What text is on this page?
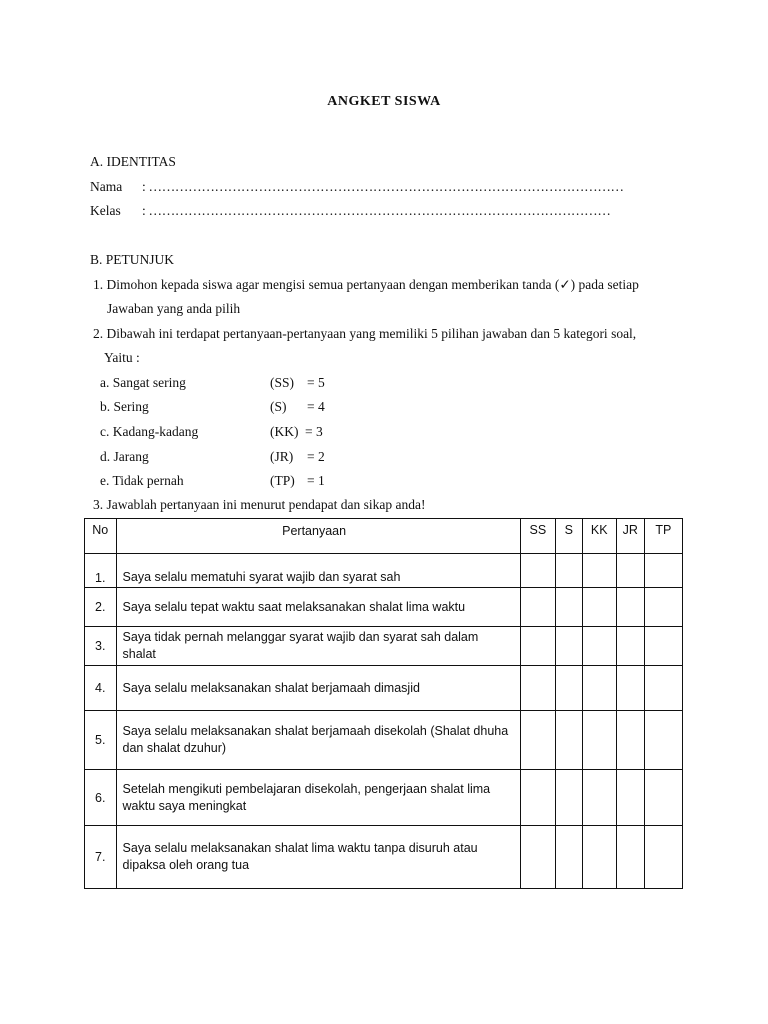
ANGKET SISWA
A. IDENTITAS
Nama : ………………………………………………………………………………………………
Kelas : ……………………………………………………………………………………………
B. PETUNJUK
1. Dimohon kepada siswa agar mengisi semua pertanyaan dengan memberikan tanda (✓) pada setiap
Jawaban yang anda pilih
2. Dibawah ini terdapat pertanyaan-pertanyaan yang memiliki 5 pilihan jawaban dan 5 kategori soal,
Yaitu :
a. Sangat sering	(SS) = 5
b. Sering	(S) = 4
c. Kadang-kadang	(KK) = 3
d. Jarang	(JR) = 2
e. Tidak pernah	(TP) = 1
3. Jawablah pertanyaan ini menurut pendapat dan sikap anda!
No	Pertanyaan	SS	S	KK	JR	TP
1.	Saya selalu mematuhi syarat wajib dan syarat sah					
2.	Saya selalu tepat waktu saat melaksanakan shalat lima waktu					
3.	Saya tidak pernah melanggar syarat wajib dan syarat sah dalam shalat					
4.	Saya selalu melaksanakan shalat berjamaah dimasjid					
5.	Saya selalu melaksanakan shalat berjamaah disekolah (Shalat dhuha
dan shalat dzuhur)					
6.	Setelah mengikuti pembelajaran disekolah, pengerjaan shalat lima
waktu saya meningkat					
7.	Saya selalu melaksanakan shalat lima waktu tanpa disuruh atau
dipaksa oleh orang tua					
